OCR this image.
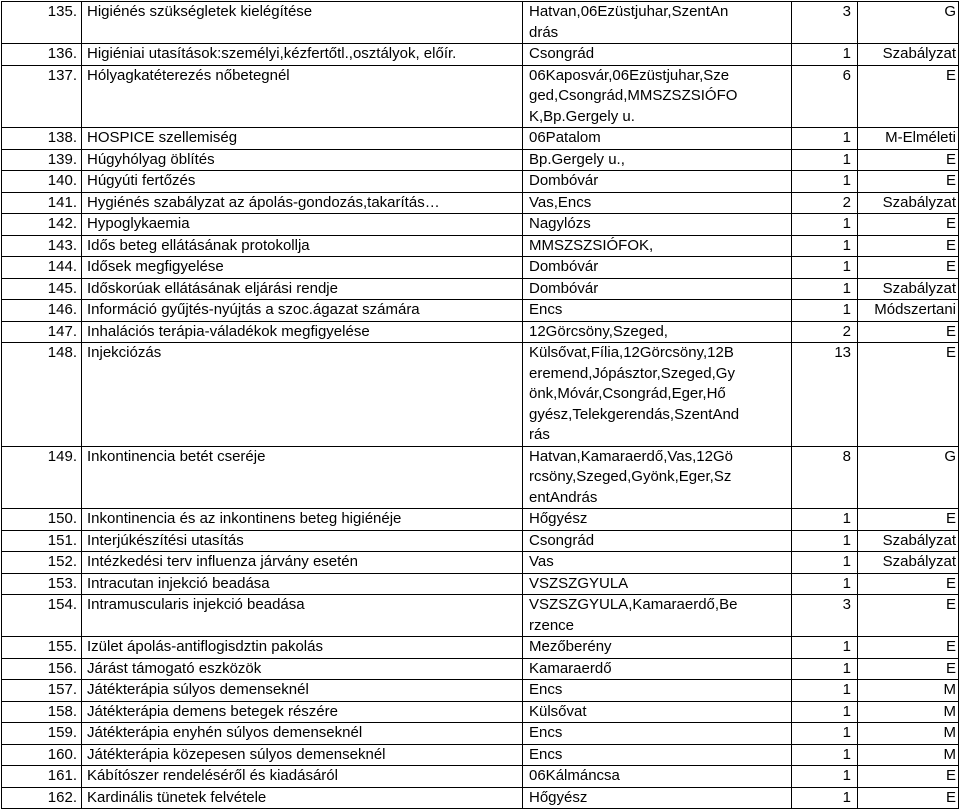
135.	Higiénés szükségletek kielégítése	Hatvan,06Ezüstjuhar,SzentAn
drás	3	G
136.	Higiéniai utasítások:személyi,kézfertőtl.,osztályok, előír.	Csongrád	1	Szabályzat
137.	Hólyagkatéterezés nőbetegnél	06Kaposvár,06Ezüstjuhar,Sze
ged,Csongrád,MMSZSZSIÓFO
K,Bp.Gergely u.	6	E
138.	HOSPICE szellemiség	06Patalom	1	M-Elméleti
139.	Húgyhólyag öblítés	Bp.Gergely u.,	1	E
140.	Húgyúti fertőzés	Dombóvár	1	E
141.	Hygiénés szabályzat az ápolás-gondozás,takarítás…	Vas,Encs	2	Szabályzat
142.	Hypoglykaemia	Nagylózs	1	E
143.	Idős beteg ellátásának protokollja	MMSZSZSIÓFOK,	1	E
144.	Idősek megfigyelése	Dombóvár	1	E
145.	Időskorúak ellátásának eljárási rendje	Dombóvár	1	Szabályzat
146.	Információ gyűjtés-nyújtás a szoc.ágazat számára	Encs	1	Módszertani
147.	Inhalációs terápia-váladékok megfigyelése	12Görcsöny,Szeged,	2	E
148.	Injekciózás	Külsővat,Fília,12Görcsöny,12B
eremend,Jópásztor,Szeged,Gy
önk,Móvár,Csongrád,Eger,Hő
gyész,Telekgerendás,SzentAnd
rás	13	E
149.	Inkontinencia betét cseréje	Hatvan,Kamaraerdő,Vas,12Gö
rcsöny,Szeged,Gyönk,Eger,Sz
entAndrás	8	G
150.	Inkontinencia és az inkontinens beteg higiénéje	Hőgyész	1	E
151.	Interjúkészítési utasítás	Csongrád	1	Szabályzat
152.	Intézkedési terv influenza járvány esetén	Vas	1	Szabályzat
153.	Intracutan injekció beadása	VSZSZGYULA	1	E
154.	Intramuscularis injekció beadása	VSZSZGYULA,Kamaraerdő,Be
rzence	3	E
155.	Izület ápolás-antiflogisdztin pakolás	Mezőberény	1	E
156.	Járást támogató eszközök	Kamaraerdő	1	E
157.	Játékterápia súlyos demenseknél	Encs	1	M
158.	Játékterápia demens betegek részére	Külsővat	1	M
159.	Játékterápia enyhén súlyos demenseknél	Encs	1	M
160.	Játékterápia közepesen súlyos demenseknél	Encs	1	M
161.	Kábítószer rendeléséről és kiadásáról	06Kálmáncsa	1	E
162.	Kardinális tünetek felvétele	Hőgyész	1	E
